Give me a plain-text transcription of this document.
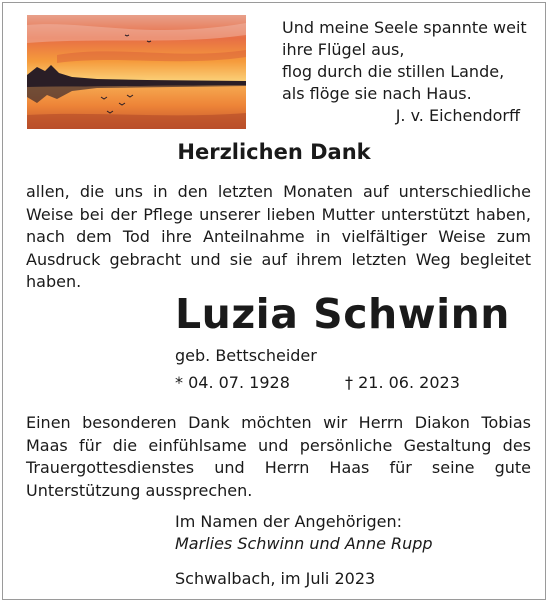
Und meine Seele spannte weit
ihre Flügel aus,
flog durch die stillen Lande,
als flöge sie nach Haus.
J. v. Eichendorff
Herzlichen Dank
allen, die uns in den letzten Monaten auf unterschiedliche Weise bei der Pflege unserer lieben Mutter unterstützt haben, nach dem Tod ihre Anteilnahme in vielfältiger Weise zum Ausdruck gebracht und sie auf ihrem letzten Weg begleitet haben.
Luzia Schwinn
geb. Bettscheider
* 04. 07. 1928	† 21. 06. 2023
Einen besonderen Dank möchten wir Herrn Diakon Tobias Maas für die einfühlsame und persönliche Gestaltung des Trauergottesdienstes und Herrn Haas für seine gute Unterstützung aussprechen.
Im Namen der Angehörigen:
Marlies Schwinn und Anne Rupp
Schwalbach, im Juli 2023
